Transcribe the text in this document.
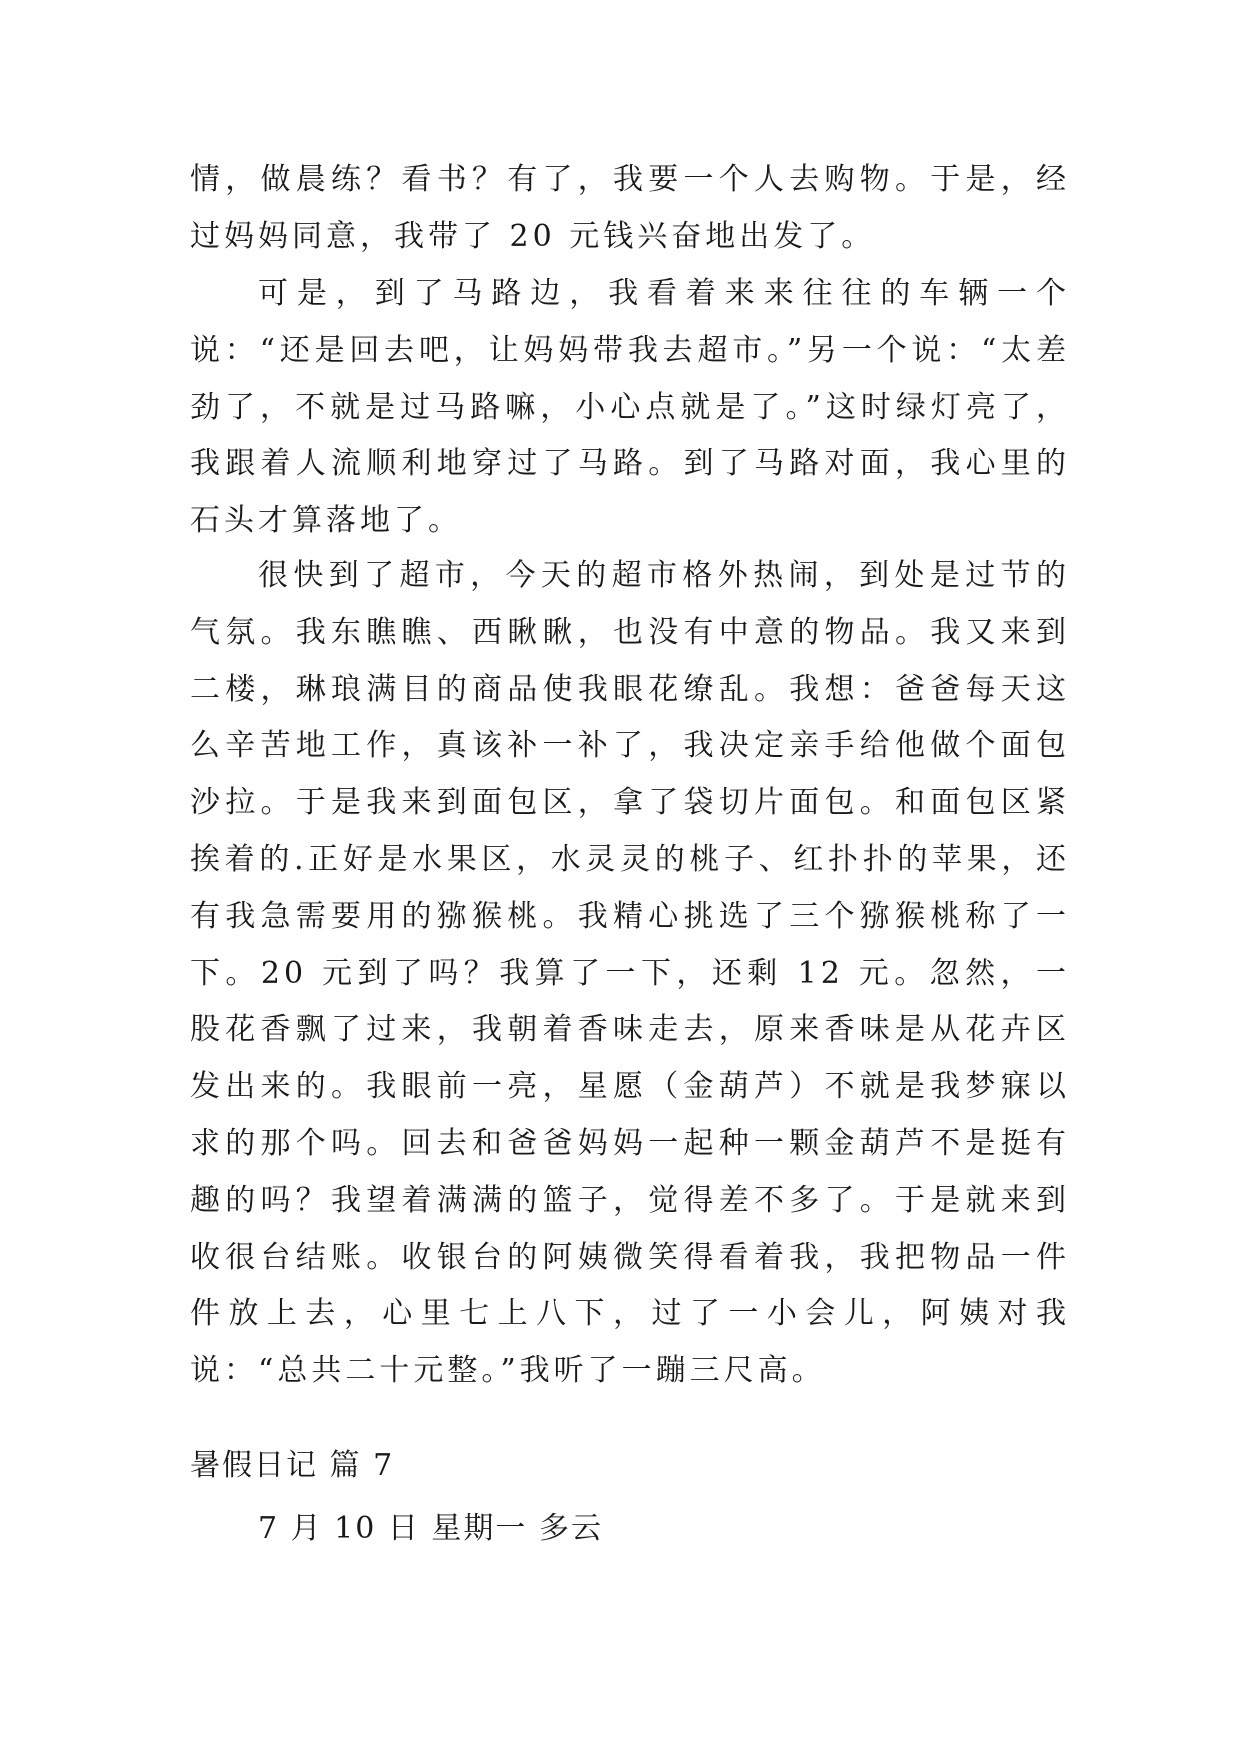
情，做晨练？看书？有了，我要一个人去购物。于是，经过妈妈同意，我带了 20 元钱兴奋地出发了。

可是，到了马路边，我看着来来往往的车辆一个说：“还是回去吧，让妈妈带我去超市。”另一个说：“太差劲了，不就是过马路嘛，小心点就是了。”这时绿灯亮了，我跟着人流顺利地穿过了马路。到了马路对面，我心里的石头才算落地了。

很快到了超市，今天的超市格外热闹，到处是过节的气氛。我东瞧瞧、西瞅瞅，也没有中意的物品。我又来到二楼，琳琅满目的商品使我眼花缭乱。我想：爸爸每天这么辛苦地工作，真该补一补了，我决定亲手给他做个面包沙拉。于是我来到面包区，拿了袋切片面包。和面包区紧挨着的.正好是水果区，水灵灵的桃子、红扑扑的苹果，还有我急需要用的猕猴桃。我精心挑选了三个猕猴桃称了一下。20 元到了吗？我算了一下，还剩 12 元。忽然，一股花香飘了过来，我朝着香味走去，原来香味是从花卉区发出来的。我眼前一亮，星愿（金葫芦）不就是我梦寐以求的那个吗。回去和爸爸妈妈一起种一颗金葫芦不是挺有趣的吗？我望着满满的篮子，觉得差不多了。于是就来到收很台结账。收银台的阿姨微笑得看着我，我把物品一件件放上去，心里七上八下，过了一小会儿，阿姨对我说：“总共二十元整。”我听了一蹦三尺高。

暑假日记 篇 7
7 月 10 日 星期一 多云
